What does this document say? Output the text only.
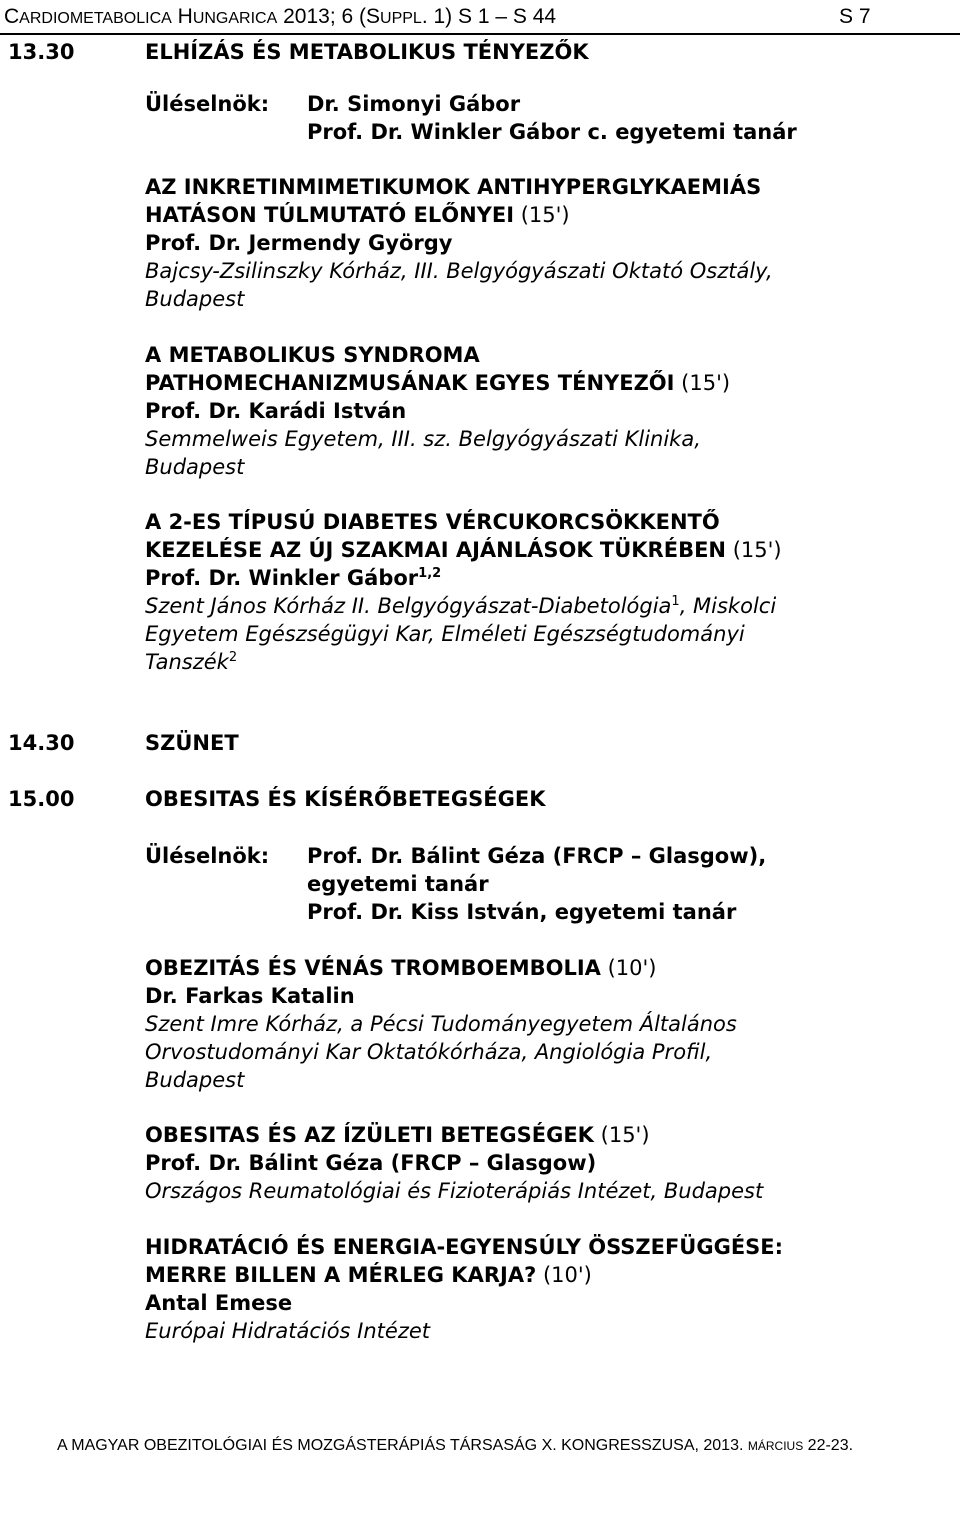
CARDIOMETABOLICA HUNGARICA 2013; 6 (SUPPL. 1) S 1 – S 44	S 7
13.30	ELHÍZÁS ÉS METABOLIKUS TÉNYEZŐK
Üléselnök: Dr. Simonyi Gábor
Prof. Dr. Winkler Gábor c. egyetemi tanár
AZ INKRETINMIMETIKUMOK ANTIHYPERGLYKAEMIÁS
HATÁSON TÚLMUTATÓ ELŐNYEI (15')
Prof. Dr. Jermendy György
Bajcsy-Zsilinszky Kórház, III. Belgyógyászati Oktató Osztály,
Budapest
A METABOLIKUS SYNDROMA
PATHOMECHANIZMUSÁNAK EGYES TÉNYEZŐI (15')
Prof. Dr. Karádi István
Semmelweis Egyetem, III. sz. Belgyógyászati Klinika,
Budapest
A 2-ES TÍPUSÚ DIABETES VÉRCUKORCSÖKKENTŐ
KEZELÉSE AZ ÚJ SZAKMAI AJÁNLÁSOK TÜKRÉBEN (15')
Prof. Dr. Winkler Gábor$^{1,2}$
Szent János Kórház II. Belgyógyászat-Diabetológia$^1$, Miskolci
Egyetem Egészségügyi Kar, Elméleti Egészségtudományi
Tanszék$^2$
14.30	SZÜNET
15.00	OBESITAS ÉS KÍSÉRŐBETEGSÉGEK
Üléselnök: Prof. Dr. Bálint Géza (FRCP – Glasgow),
egyetemi tanár
Prof. Dr. Kiss István, egyetemi tanár
OBEZITÁS ÉS VÉNÁS TROMBOEMBOLIA (10')
Dr. Farkas Katalin
Szent Imre Kórház, a Pécsi Tudományegyetem Általános
Orvostudományi Kar Oktatókórháza, Angiológia Profil,
Budapest
OBESITAS ÉS AZ ÍZÜLETI BETEGSÉGEK (15')
Prof. Dr. Bálint Géza (FRCP – Glasgow)
Országos Reumatológiai és Fizioterápiás Intézet, Budapest
HIDRATÁCIÓ ÉS ENERGIA-EGYENSÚLY ÖSSZEFÜGGÉSE:
MERRE BILLEN A MÉRLEG KARJA? (10')
Antal Emese
Európai Hidratációs Intézet
A MAGYAR OBEZITOLÓGIAI ÉS MOZGÁSTERÁPIÁS TÁRSASÁG X. KONGRESSZUSA, 2013. MÁRCIUS 22-23.
